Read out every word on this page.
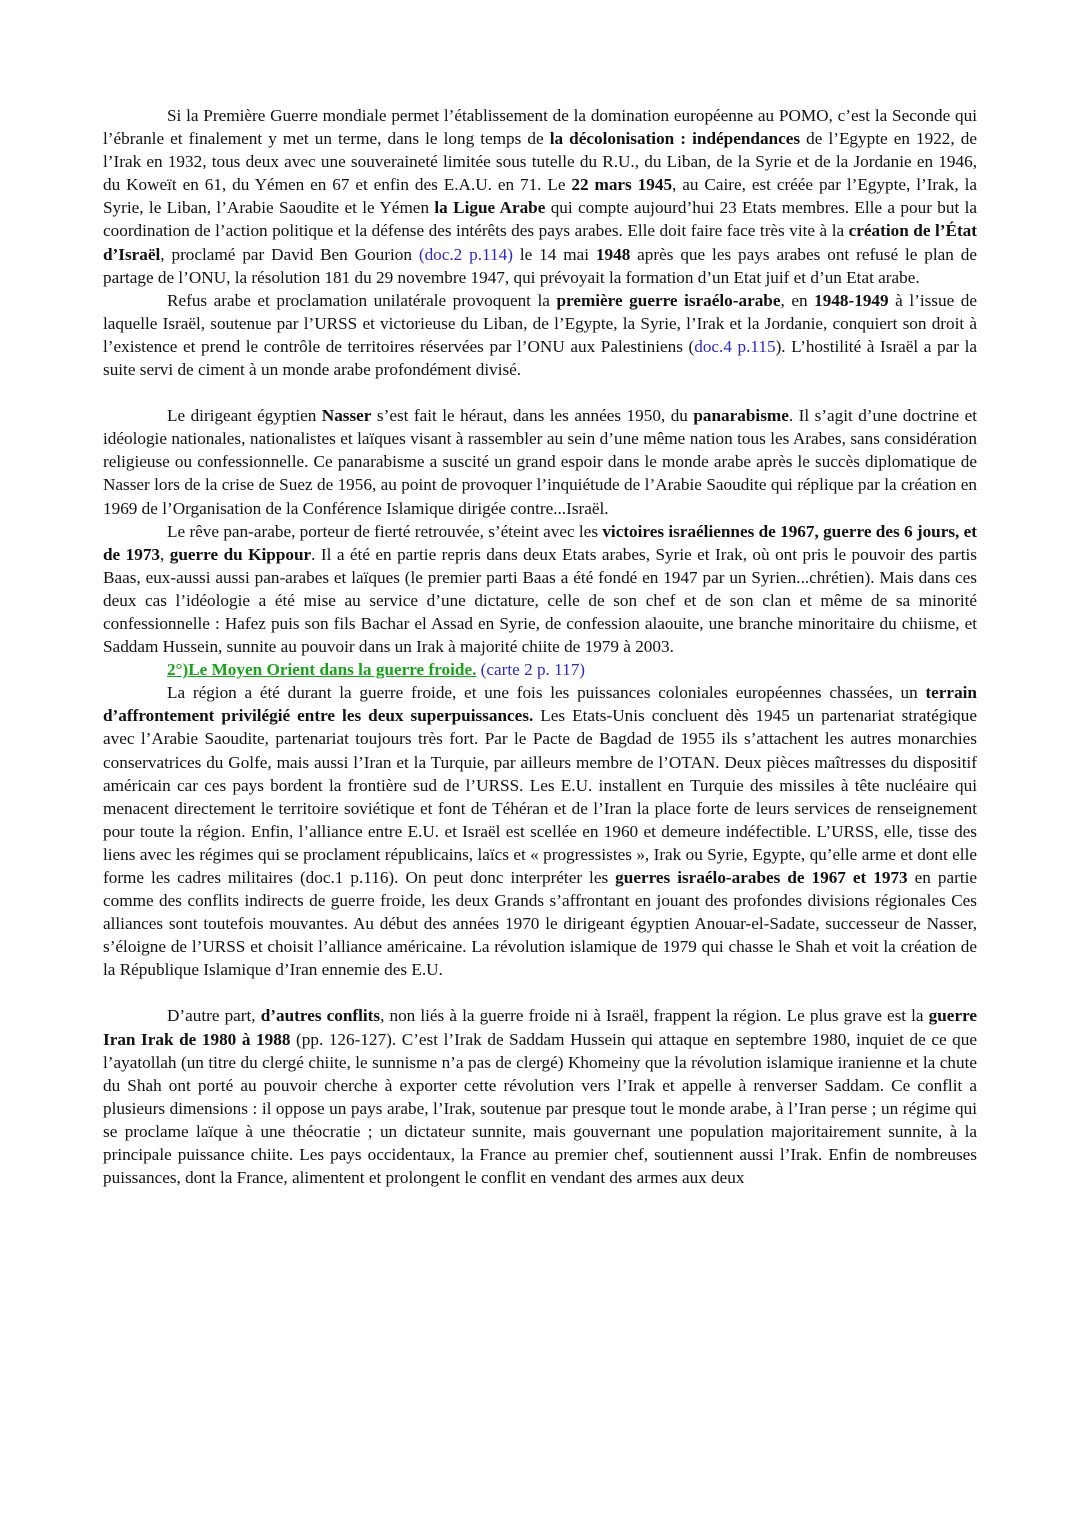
Si la Première Guerre mondiale permet l’établissement de la domination européenne au POMO, c’est la Seconde qui l’ébranle et finalement y met un terme, dans le long temps de la décolonisation : indépendances de l’Egypte en 1922, de l’Irak en 1932, tous deux avec une souveraineté limitée sous tutelle du R.U., du Liban, de la Syrie et de la Jordanie en 1946, du Koweït en 61, du Yémen en 67 et enfin des E.A.U. en 71. Le 22 mars 1945, au Caire, est créée par l’Egypte, l’Irak, la Syrie, le Liban, l’Arabie Saoudite et le Yémen la Ligue Arabe qui compte aujourd’hui 23 Etats membres. Elle a pour but la coordination de l’action politique et la défense des intérêts des pays arabes. Elle doit faire face très vite à la création de l’État d’Israël, proclamé par David Ben Gourion (doc.2 p.114) le 14 mai 1948 après que les pays arabes ont refusé le plan de partage de l’ONU, la résolution 181 du 29 novembre 1947, qui prévoyait la formation d’un Etat juif et d’un Etat arabe.

Refus arabe et proclamation unilatérale provoquent la première guerre israélo-arabe, en 1948-1949 à l’issue de laquelle Israël, soutenue par l’URSS et victorieuse du Liban, de l’Egypte, la Syrie, l’Irak et la Jordanie, conquiert son droit à l’existence et prend le contrôle de territoires réservées par l’ONU aux Palestiniens (doc.4 p.115). L’hostilité à Israël a par la suite servi de ciment à un monde arabe profondément divisé.

Le dirigeant égyptien Nasser s’est fait le héraut, dans les années 1950, du panarabisme. Il s’agit d’une doctrine et idéologie nationales, nationalistes et laïques visant à rassembler au sein d’une même nation tous les Arabes, sans considération religieuse ou confessionnelle. Ce panarabisme a suscité un grand espoir dans le monde arabe après le succès diplomatique de Nasser lors de la crise de Suez de 1956, au point de provoquer l’inquiétude de l’Arabie Saoudite qui réplique par la création en 1969 de l’Organisation de la Conférence Islamique dirigée contre...Israël.

Le rêve pan-arabe, porteur de fierté retrouvée, s’éteint avec les victoires israéliennes de 1967, guerre des 6 jours, et de 1973, guerre du Kippour. Il a été en partie repris dans deux Etats arabes, Syrie et Irak, où ont pris le pouvoir des partis Baas, eux-aussi aussi pan-arabes et laïques (le premier parti Baas a été fondé en 1947 par un Syrien...chrétien). Mais dans ces deux cas l’idéologie a été mise au service d’une dictature, celle de son chef et de son clan et même de sa minorité confessionnelle : Hafez puis son fils Bachar el Assad en Syrie, de confession alaouite, une branche minoritaire du chiisme, et Saddam Hussein, sunnite au pouvoir dans un Irak à majorité chiite de 1979 à 2003.

2°)Le Moyen Orient dans la guerre froide. (carte 2 p. 117)

La région a été durant la guerre froide, et une fois les puissances coloniales européennes chassées, un terrain d’affrontement privilégié entre les deux superpuissances. Les Etats-Unis concluent dès 1945 un partenariat stratégique avec l’Arabie Saoudite, partenariat toujours très fort. Par le Pacte de Bagdad de 1955 ils s’attachent les autres monarchies conservatrices du Golfe, mais aussi l’Iran et la Turquie, par ailleurs membre de l’OTAN. Deux pièces maîtresses du dispositif américain car ces pays bordent la frontière sud de l’URSS. Les E.U. installent en Turquie des missiles à tête nucléaire qui menacent directement le territoire soviétique et font de Téhéran et de l’Iran la place forte de leurs services de renseignement pour toute la région. Enfin, l’alliance entre E.U. et Israël est scellée en 1960 et demeure indéfectible. L’URSS, elle, tisse des liens avec les régimes qui se proclament républicains, laïcs et « progressistes », Irak ou Syrie, Egypte, qu’elle arme et dont elle forme les cadres militaires (doc.1 p.116). On peut donc interpréter les guerres israélo-arabes de 1967 et 1973 en partie comme des conflits indirects de guerre froide, les deux Grands s’affrontant en jouant des profondes divisions régionales Ces alliances sont toutefois mouvantes. Au début des années 1970 le dirigeant égyptien Anouar-el-Sadate, successeur de Nasser, s’éloigne de l’URSS et choisit l’alliance américaine. La révolution islamique de 1979 qui chasse le Shah et voit la création de la République Islamique d’Iran ennemie des E.U.

D’autre part, d’autres conflits, non liés à la guerre froide ni à Israël, frappent la région. Le plus grave est la guerre Iran Irak de 1980 à 1988 (pp. 126-127). C’est l’Irak de Saddam Hussein qui attaque en septembre 1980, inquiet de ce que l’ayatollah (un titre du clergé chiite, le sunnisme n’a pas de clergé) Khomeiny que la révolution islamique iranienne et la chute du Shah ont porté au pouvoir cherche à exporter cette révolution vers l’Irak et appelle à renverser Saddam. Ce conflit a plusieurs dimensions : il oppose un pays arabe, l’Irak, soutenue par presque tout le monde arabe, à l’Iran perse ; un régime qui se proclame laïque à une théocratie ; un dictateur sunnite, mais gouvernant une population majoritairement sunnite, à la principale puissance chiite. Les pays occidentaux, la France au premier chef, soutiennent aussi l’Irak. Enfin de nombreuses puissances, dont la France, alimentent et prolongent le conflit en vendant des armes aux deux
